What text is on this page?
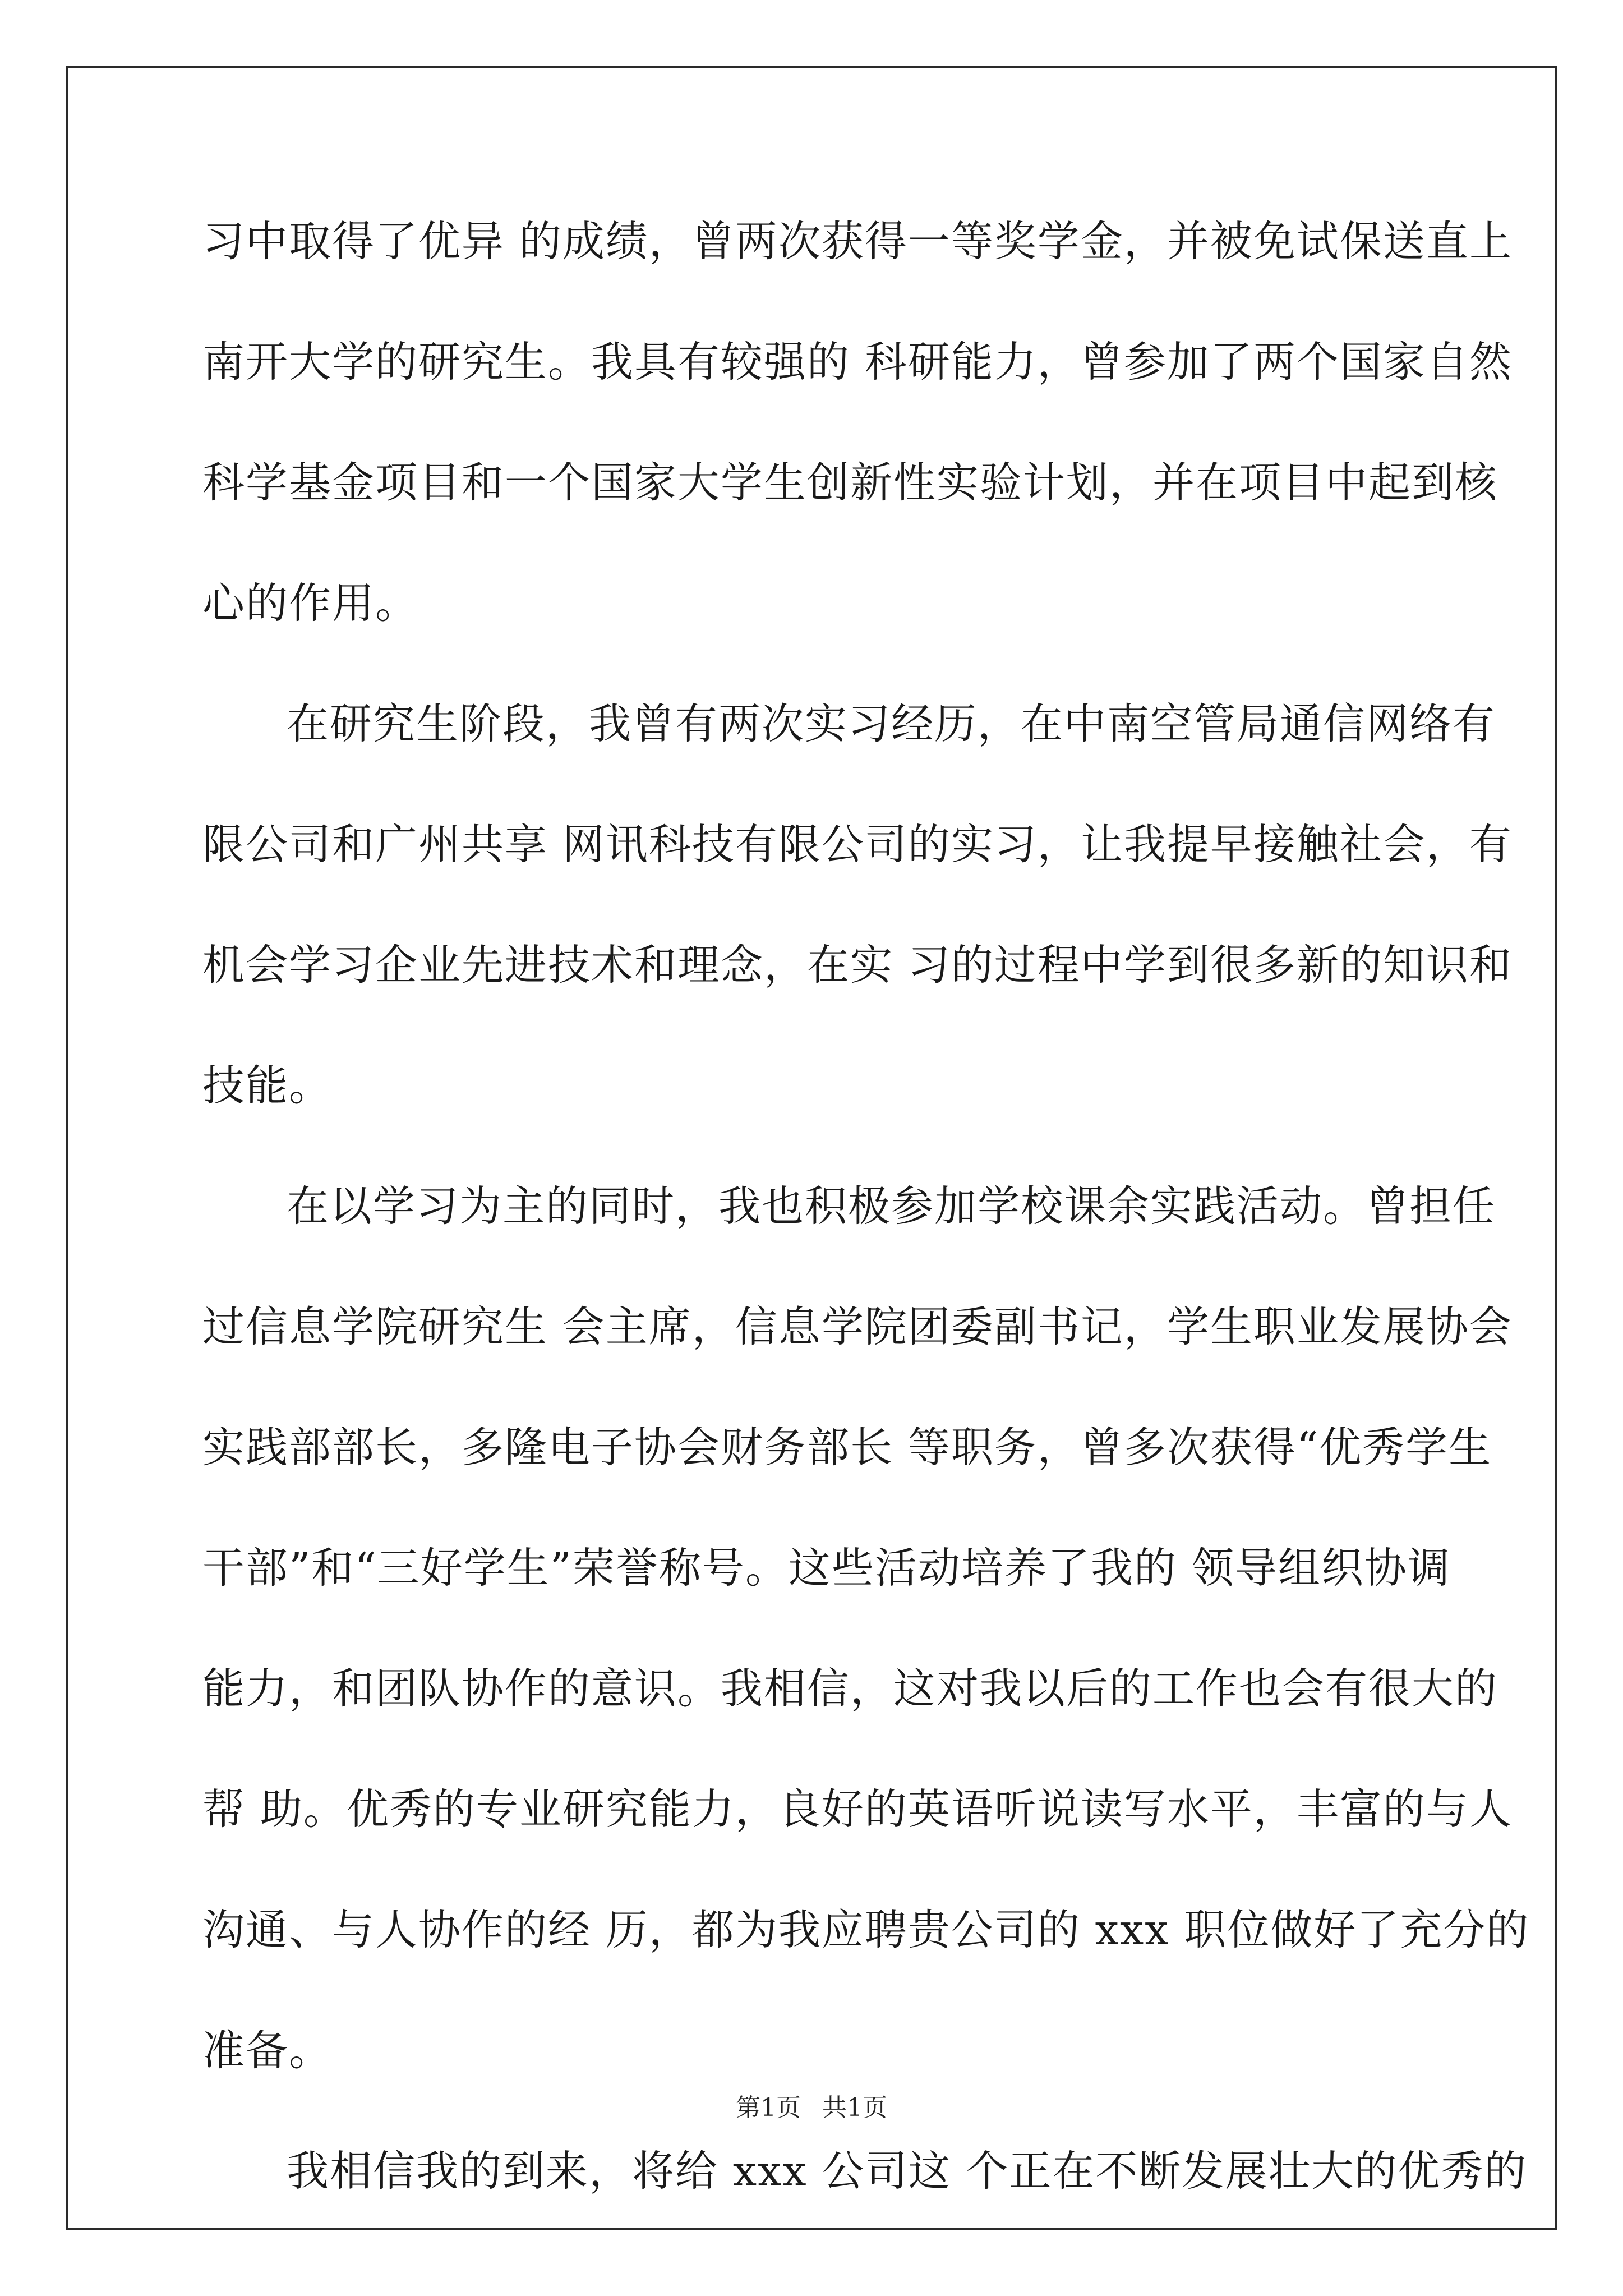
习中取得了优异 的成绩，曾两次获得一等奖学金，并被免试保送直上
南开大学的研究生。我具有较强的 科研能力，曾参加了两个国家自然
科学基金项目和一个国家大学生创新性实验计划，并在项目中起到核
心的作用。
在研究生阶段，我曾有两次实习经历，在中南空管局通信网络有
限公司和广州共享 网讯科技有限公司的实习，让我提早接触社会，有
机会学习企业先进技术和理念，在实 习的过程中学到很多新的知识和
技能。
在以学习为主的同时，我也积极参加学校课余实践活动。曾担任
过信息学院研究生 会主席，信息学院团委副书记，学生职业发展协会
实践部部长，多隆电子协会财务部长 等职务，曾多次获得“优秀学生
干部”和“三好学生”荣誉称号。这些活动培养了我的 领导组织协调
能力，和团队协作的意识。我相信，这对我以后的工作也会有很大的
帮 助。优秀的专业研究能力，良好的英语听说读写水平，丰富的与人
沟通、与人协作的经 历，都为我应聘贵公司的 xxx 职位做好了充分的
准备。
我相信我的到来，将给 xxx 公司这 个正在不断发展壮大的优秀的
第1页 共1页
